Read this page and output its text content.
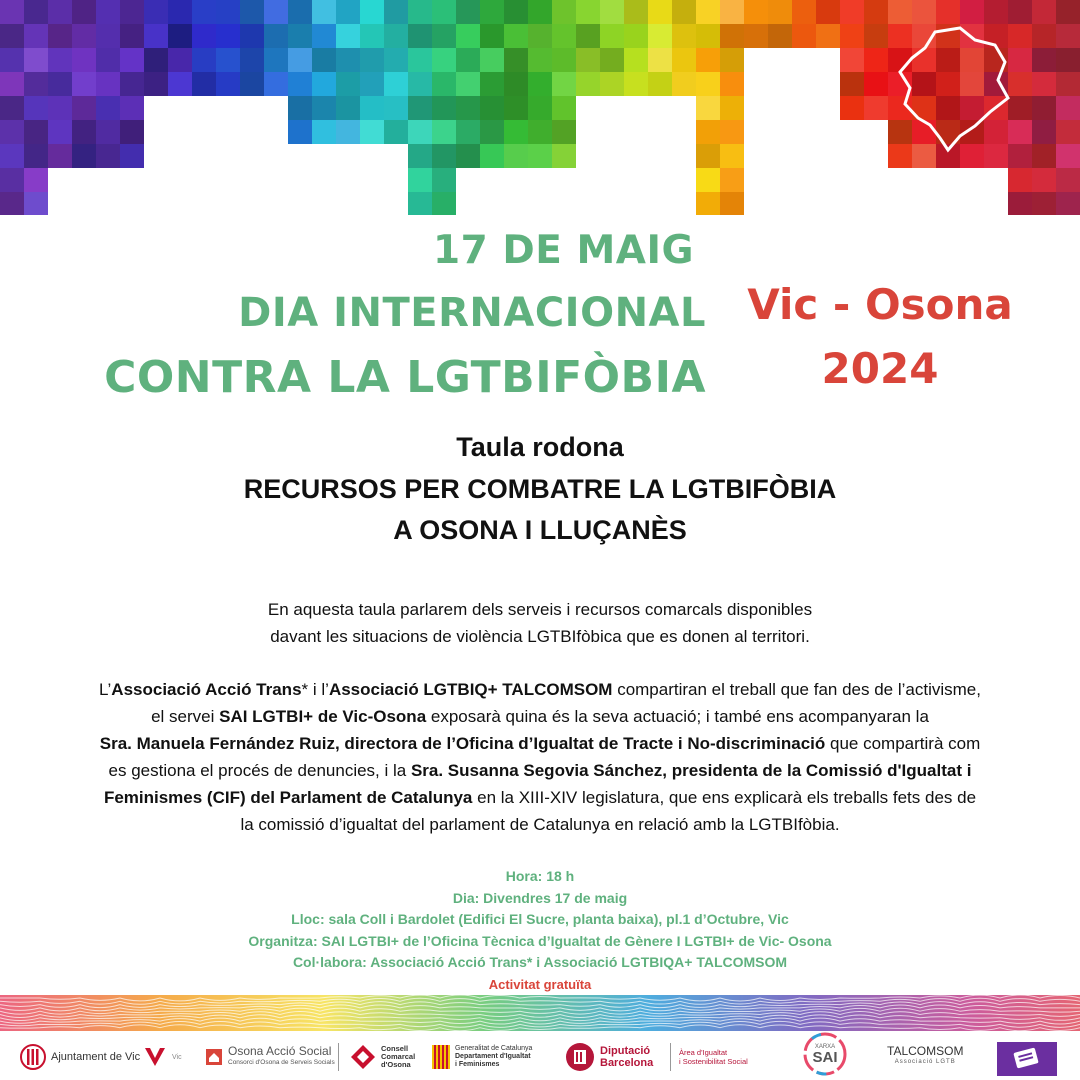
17 DE MAIG
DIA INTERNACIONAL
CONTRA LA LGTBIFÒBIA
Vic - Osona
2024
Taula rodona
RECURSOS PER COMBATRE LA LGTBIFÒBIA
A OSONA I LLUÇANÈS
En aquesta taula parlarem dels serveis i recursos comarcals disponibles
davant les situacions de violència LGTBIfòbica que es donen al territori.
L’Associació Acció Trans* i l’Associació LGTBIQ+ TALCOMSOM compartiran el treball que fan des de l’activisme,
el servei SAI LGTBI+ de Vic-Osona exposarà quina és la seva actuació; i també ens acompanyaran la
Sra. Manuela Fernández Ruiz, directora de l’Oficina d’Igualtat de Tracte i No-discriminació que compartirà com
es gestiona el procés de denuncies, i la Sra. Susanna Segovia Sánchez, presidenta de la Comissió d'Igualtat i
Feminismes (CIF) del Parlament de Catalunya en la XIII-XIV legislatura, que ens explicarà els treballs fets des de
la comissió d’igualtat del parlament de Catalunya en relació amb la LGTBIfòbia.
Hora: 18 h
Dia: Divendres 17 de maig
Lloc: sala Coll i Bardolet (Edifici El Sucre, planta baixa), pl.1 d’Octubre, Vic
Organitza: SAI LGTBI+ de l’Oficina Tècnica d’Igualtat de Gènere I LGTBI+ de Vic- Osona
Col·labora: Associació Acció Trans* i Associació LGTBIQA+ TALCOMSOM
Activitat gratuïta
Ajuntament de Vic	Vic	Osona Acció Social
Consorci d'Osona de Serveis Socials
Consell
Comarcal
d'Osona
Generalitat de Catalunya
Departament d'Igualtat
i Feminismes
Diputació
Barcelona
Àrea d'Igualtat
i Sostenibilitat Social
XARXA
SAI	TALCOMSOM
Associació LGTB
